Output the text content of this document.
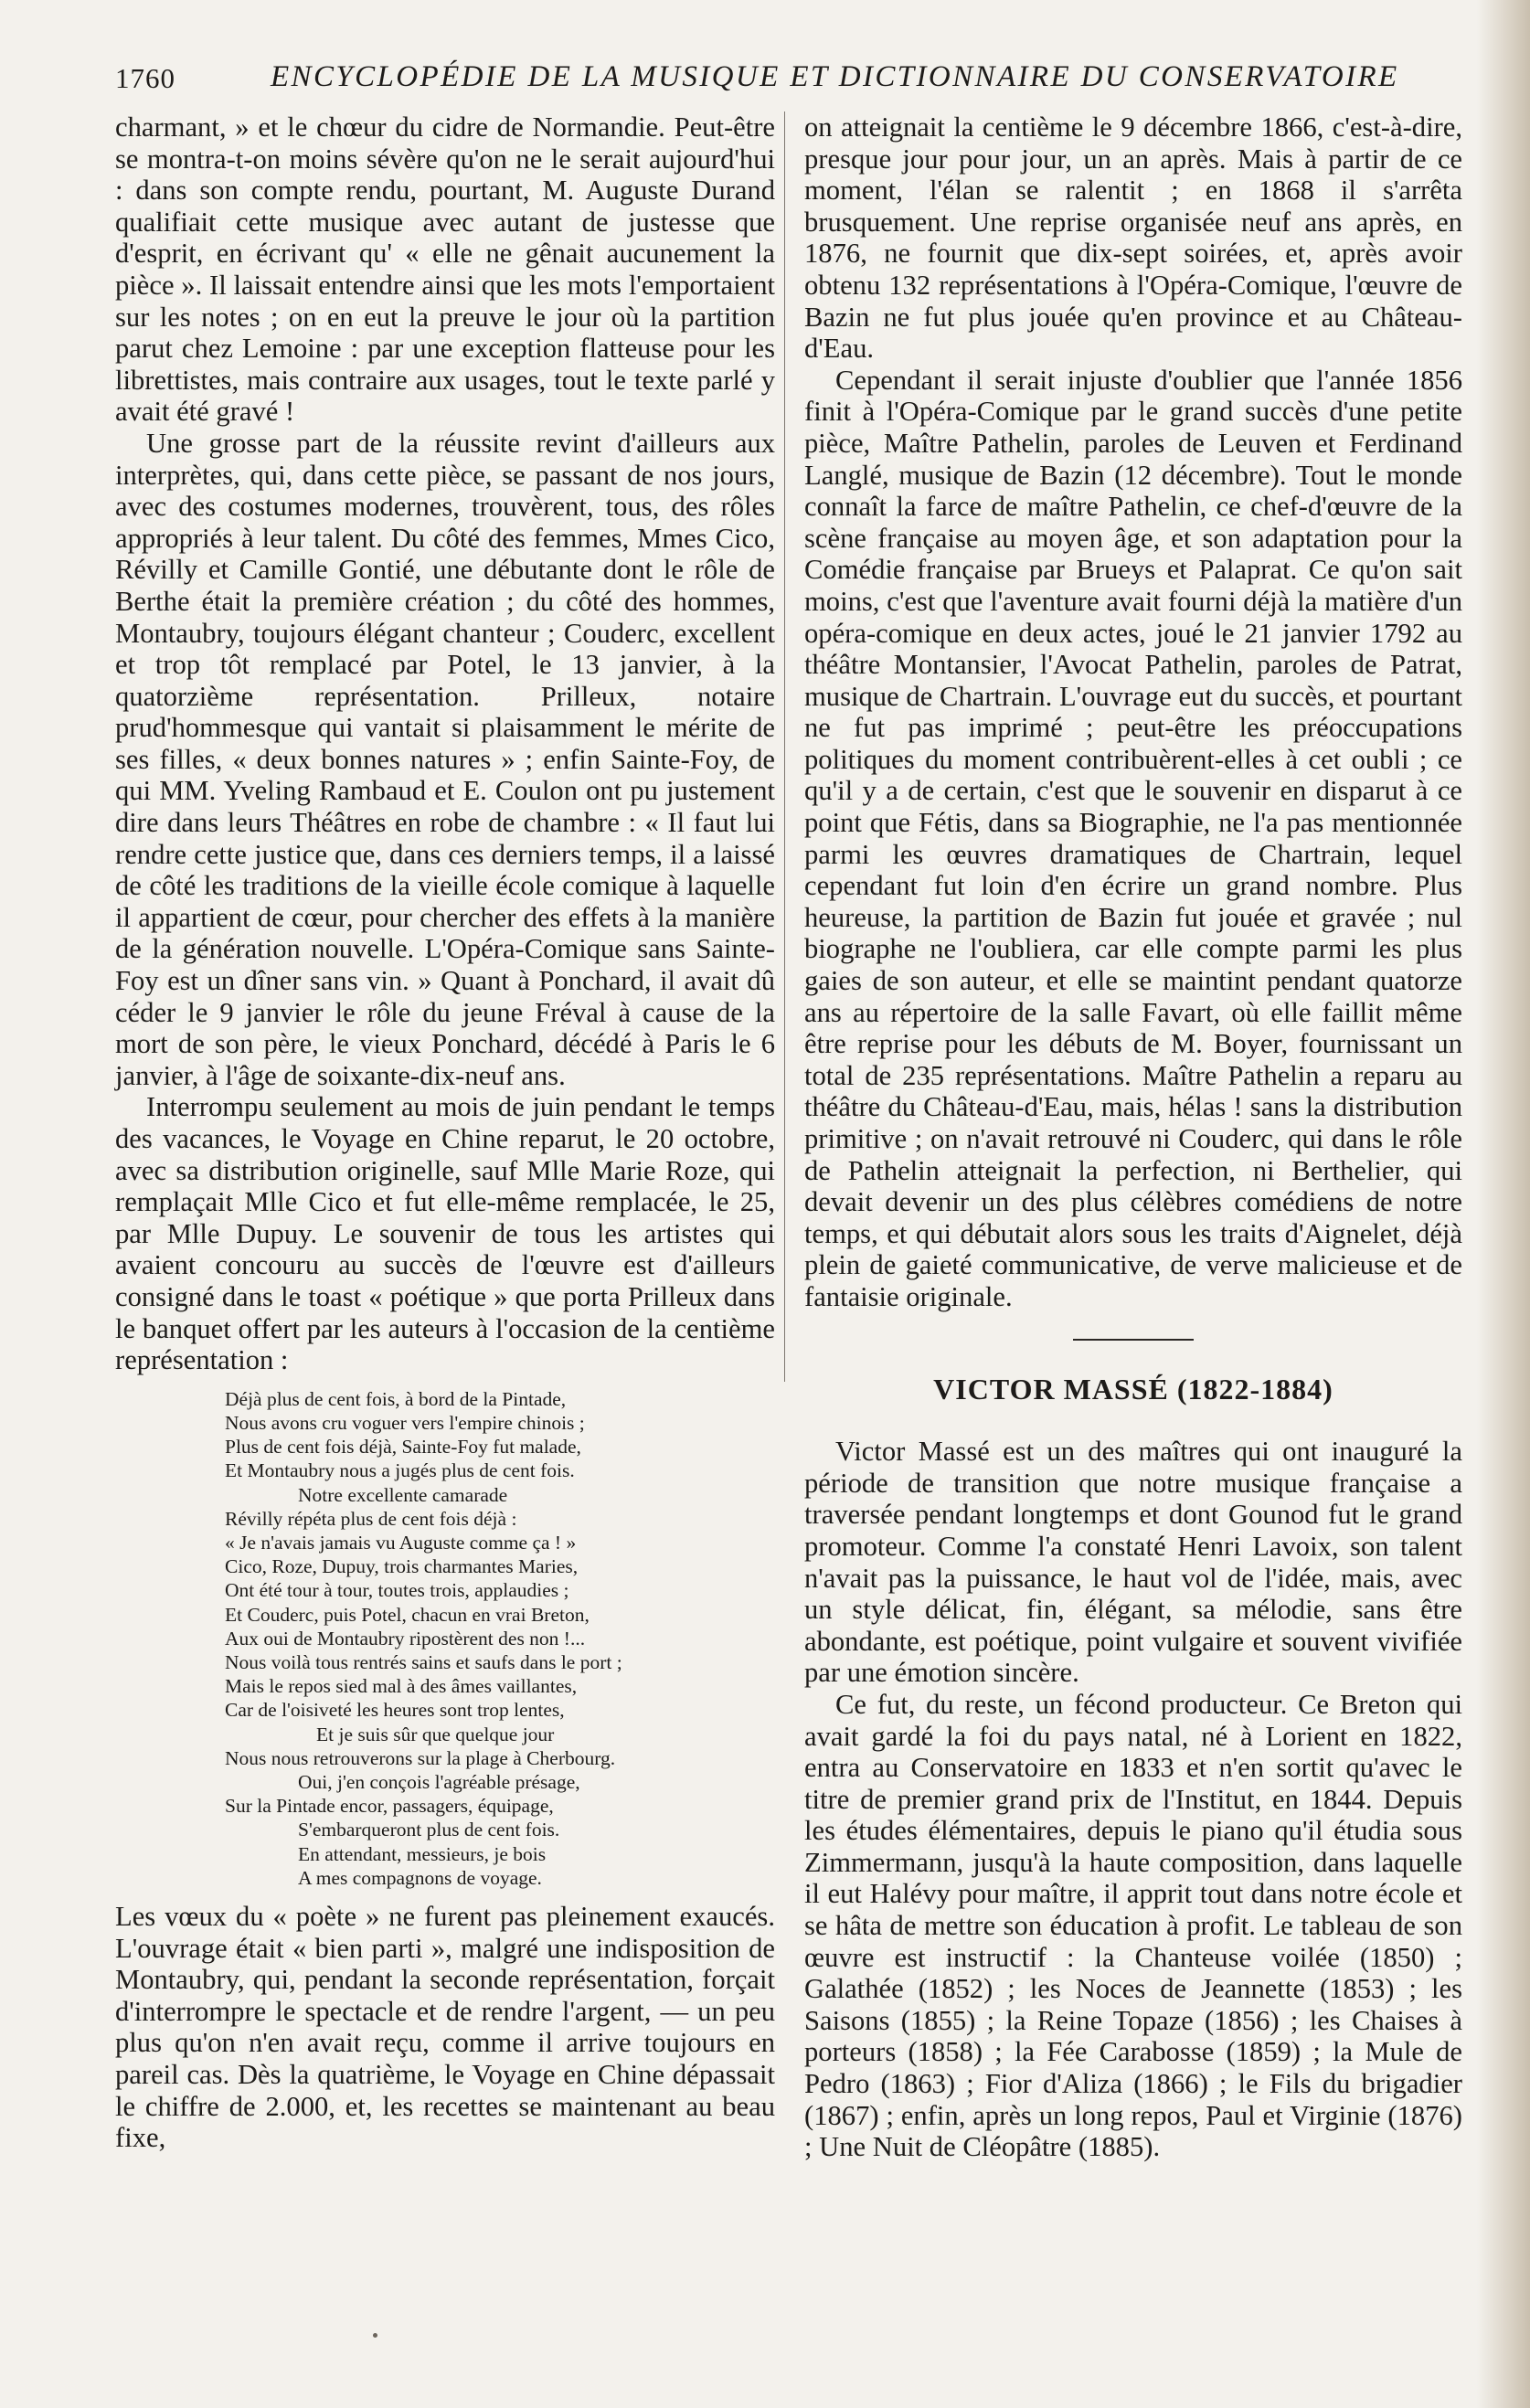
1760	ENCYCLOPÉDIE DE LA MUSIQUE ET DICTIONNAIRE DU CONSERVATOIRE

charmant, » et le chœur du cidre de Normandie. Peut-être se montra-t-on moins sévère qu'on ne le serait aujourd'hui : dans son compte rendu, pourtant, M. Auguste Durand qualifiait cette musique avec autant de justesse que d'esprit, en écrivant qu' « elle ne gênait aucunement la pièce ». Il laissait entendre ainsi que les mots l'emportaient sur les notes ; on en eut la preuve le jour où la partition parut chez Lemoine : par une exception flatteuse pour les librettistes, mais contraire aux usages, tout le texte parlé y avait été gravé !

Une grosse part de la réussite revint d'ailleurs aux interprètes, qui, dans cette pièce, se passant de nos jours, avec des costumes modernes, trouvèrent, tous, des rôles appropriés à leur talent. Du côté des femmes, Mmes Cico, Révilly et Camille Gontié, une débutante dont le rôle de Berthe était la première création ; du côté des hommes, Montaubry, toujours élégant chanteur ; Couderc, excellent et trop tôt remplacé par Potel, le 13 janvier, à la quatorzième représentation. Prilleux, notaire prud'hommesque qui vantait si plaisamment le mérite de ses filles, « deux bonnes natures » ; enfin Sainte-Foy, de qui MM. Yveling Rambaud et E. Coulon ont pu justement dire dans leurs Théâtres en robe de chambre : « Il faut lui rendre cette justice que, dans ces derniers temps, il a laissé de côté les traditions de la vieille école comique à laquelle il appartient de cœur, pour chercher des effets à la manière de la génération nouvelle. L'Opéra-Comique sans Sainte-Foy est un dîner sans vin. » Quant à Ponchard, il avait dû céder le 9 janvier le rôle du jeune Fréval à cause de la mort de son père, le vieux Ponchard, décédé à Paris le 6 janvier, à l'âge de soixante-dix-neuf ans.

Interrompu seulement au mois de juin pendant le temps des vacances, le Voyage en Chine reparut, le 20 octobre, avec sa distribution originelle, sauf Mlle Marie Roze, qui remplaçait Mlle Cico et fut elle-même remplacée, le 25, par Mlle Dupuy. Le souvenir de tous les artistes qui avaient concouru au succès de l'œuvre est d'ailleurs consigné dans le toast « poétique » que porta Prilleux dans le banquet offert par les auteurs à l'occasion de la centième représentation :

Déjà plus de cent fois, à bord de la Pintade,
Nous avons cru voguer vers l'empire chinois ;
Plus de cent fois déjà, Sainte-Foy fut malade,
Et Montaubry nous a jugés plus de cent fois.
Notre excellente camarade
Révilly répéta plus de cent fois déjà :
« Je n'avais jamais vu Auguste comme ça ! »
Cico, Roze, Dupuy, trois charmantes Maries,
Ont été tour à tour, toutes trois, applaudies ;
Et Couderc, puis Potel, chacun en vrai Breton,
Aux oui de Montaubry ripostèrent des non !...
Nous voilà tous rentrés sains et saufs dans le port ;
Mais le repos sied mal à des âmes vaillantes,
Car de l'oisiveté les heures sont trop lentes,
Et je suis sûr que quelque jour
Nous nous retrouverons sur la plage à Cherbourg.
Oui, j'en conçois l'agréable présage,
Sur la Pintade encor, passagers, équipage,
S'embarqueront plus de cent fois.
En attendant, messieurs, je bois
A mes compagnons de voyage.

Les vœux du « poète » ne furent pas pleinement exaucés. L'ouvrage était « bien parti », malgré une indisposition de Montaubry, qui, pendant la seconde représentation, forçait d'interrompre le spectacle et de rendre l'argent, — un peu plus qu'on n'en avait reçu, comme il arrive toujours en pareil cas. Dès la quatrième, le Voyage en Chine dépassait le chiffre de 2.000, et, les recettes se maintenant au beau fixe,

on atteignait la centième le 9 décembre 1866, c'est-à-dire, presque jour pour jour, un an après. Mais à partir de ce moment, l'élan se ralentit ; en 1868 il s'arrêta brusquement. Une reprise organisée neuf ans après, en 1876, ne fournit que dix-sept soirées, et, après avoir obtenu 132 représentations à l'Opéra-Comique, l'œuvre de Bazin ne fut plus jouée qu'en province et au Château-d'Eau.

Cependant il serait injuste d'oublier que l'année 1856 finit à l'Opéra-Comique par le grand succès d'une petite pièce, Maître Pathelin, paroles de Leuven et Ferdinand Langlé, musique de Bazin (12 décembre). Tout le monde connaît la farce de maître Pathelin, ce chef-d'œuvre de la scène française au moyen âge, et son adaptation pour la Comédie française par Brueys et Palaprat. Ce qu'on sait moins, c'est que l'aventure avait fourni déjà la matière d'un opéra-comique en deux actes, joué le 21 janvier 1792 au théâtre Montansier, l'Avocat Pathelin, paroles de Patrat, musique de Chartrain. L'ouvrage eut du succès, et pourtant ne fut pas imprimé ; peut-être les préoccupations politiques du moment contribuèrent-elles à cet oubli ; ce qu'il y a de certain, c'est que le souvenir en disparut à ce point que Fétis, dans sa Biographie, ne l'a pas mentionnée parmi les œuvres dramatiques de Chartrain, lequel cependant fut loin d'en écrire un grand nombre. Plus heureuse, la partition de Bazin fut jouée et gravée ; nul biographe ne l'oubliera, car elle compte parmi les plus gaies de son auteur, et elle se maintint pendant quatorze ans au répertoire de la salle Favart, où elle faillit même être reprise pour les débuts de M. Boyer, fournissant un total de 235 représentations. Maître Pathelin a reparu au théâtre du Château-d'Eau, mais, hélas ! sans la distribution primitive ; on n'avait retrouvé ni Couderc, qui dans le rôle de Pathelin atteignait la perfection, ni Berthelier, qui devait devenir un des plus célèbres comédiens de notre temps, et qui débutait alors sous les traits d'Aignelet, déjà plein de gaieté communicative, de verve malicieuse et de fantaisie originale.

VICTOR MASSÉ (1822-1884)

Victor Massé est un des maîtres qui ont inauguré la période de transition que notre musique française a traversée pendant longtemps et dont Gounod fut le grand promoteur. Comme l'a constaté Henri Lavoix, son talent n'avait pas la puissance, le haut vol de l'idée, mais, avec un style délicat, fin, élégant, sa mélodie, sans être abondante, est poétique, point vulgaire et souvent vivifiée par une émotion sincère.

Ce fut, du reste, un fécond producteur. Ce Breton qui avait gardé la foi du pays natal, né à Lorient en 1822, entra au Conservatoire en 1833 et n'en sortit qu'avec le titre de premier grand prix de l'Institut, en 1844. Depuis les études élémentaires, depuis le piano qu'il étudia sous Zimmermann, jusqu'à la haute composition, dans laquelle il eut Halévy pour maître, il apprit tout dans notre école et se hâta de mettre son éducation à profit. Le tableau de son œuvre est instructif : la Chanteuse voilée (1850) ; Galathée (1852) ; les Noces de Jeannette (1853) ; les Saisons (1855) ; la Reine Topaze (1856) ; les Chaises à porteurs (1858) ; la Fée Carabosse (1859) ; la Mule de Pedro (1863) ; Fior d'Aliza (1866) ; le Fils du brigadier (1867) ; enfin, après un long repos, Paul et Virginie (1876) ; Une Nuit de Cléopâtre (1885).
